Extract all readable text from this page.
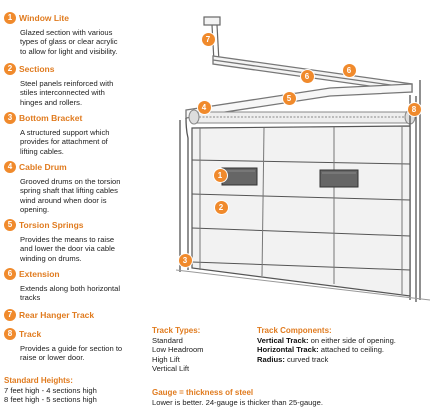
7
6
6
5
4	8
1
2
3
1 Window Lite
Glazed section with various
types of glass or clear acrylic
to allow for light and visibility.
2 Sections
Steel panels reinforced with
stiles interconnected with
hinges and rollers.
3 Bottom Bracket
A structured support which
provides for attachment of
lifting cables.
4 Cable Drum
Grooved drums on the torsion
spring shaft that lifting cables
wind around when door is
opening.
5 Torsion Springs
Provides the means to raise
and lower the door via cable
winding on drums.
6 Extension
Extends along both horizontal
tracks
7 Rear Hanger Track
8 Track
Provides a guide for section to
raise or lower door.
Track Types:
Standard
Low Headroom
High Lift
Vertical Lift
Track Components:
Vertical Track: on either side of opening.
Horizontal Track: attached to ceiling.
Radius: curved track
Standard Heights:
7 feet high - 4 sections high
8 feet high - 5 sections high
Gauge = thickness of steel
Lower is better. 24-gauge is thicker than 25-gauge.
